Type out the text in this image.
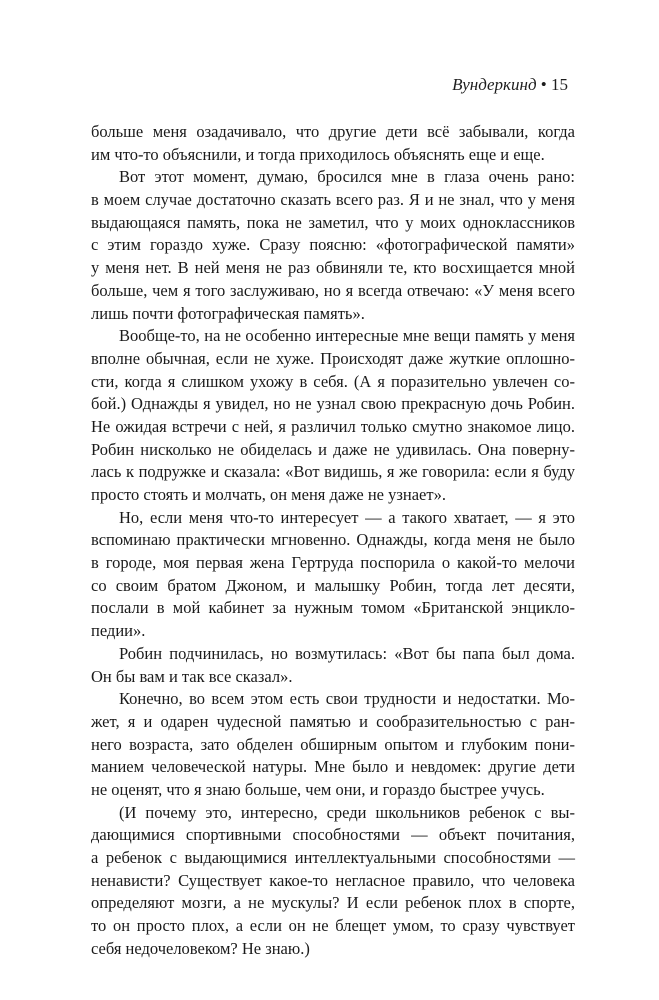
Вундеркинд • 15
больше меня озадачивало, что другие дети всё забывали, когда
им что-то объяснили, и тогда приходилось объяснять еще и еще.
Вот этот момент, думаю, бросился мне в глаза очень рано:
в моем случае достаточно сказать всего раз. Я и не знал, что у меня
выдающаяся память, пока не заметил, что у моих одноклассников
с этим гораздо хуже. Сразу поясню: «фотографической памяти»
у меня нет. В ней меня не раз обвиняли те, кто восхищается мной
больше, чем я того заслуживаю, но я всегда отвечаю: «У меня всего
лишь почти фотографическая память».
Вообще-то, на не особенно интересные мне вещи память у меня
вполне обычная, если не хуже. Происходят даже жуткие оплошно-
сти, когда я слишком ухожу в себя. (А я поразительно увлечен со-
бой.) Однажды я увидел, но не узнал свою прекрасную дочь Робин.
Не ожидая встречи с ней, я различил только смутно знакомое лицо.
Робин нисколько не обиделась и даже не удивилась. Она поверну-
лась к подружке и сказала: «Вот видишь, я же говорила: если я буду
просто стоять и молчать, он меня даже не узнает».
Но, если меня что-то интересует — а такого хватает, — я это
вспоминаю практически мгновенно. Однажды, когда меня не было
в городе, моя первая жена Гертруда поспорила о какой-то мелочи
со своим братом Джоном, и малышку Робин, тогда лет десяти,
послали в мой кабинет за нужным томом «Британской энцикло-
педии».
Робин подчинилась, но возмутилась: «Вот бы папа был дома.
Он бы вам и так все сказал».
Конечно, во всем этом есть свои трудности и недостатки. Мо-
жет, я и одарен чудесной памятью и сообразительностью с ран-
него возраста, зато обделен обширным опытом и глубоким пони-
манием человеческой натуры. Мне было и невдомек: другие дети
не оценят, что я знаю больше, чем они, и гораздо быстрее учусь.
(И почему это, интересно, среди школьников ребенок с вы-
дающимися спортивными способностями — объект почитания,
а ребенок с выдающимися интеллектуальными способностями —
ненависти? Существует какое-то негласное правило, что человека
определяют мозги, а не мускулы? И если ребенок плох в спорте,
то он просто плох, а если он не блещет умом, то сразу чувствует
себя недочеловеком? Не знаю.)
